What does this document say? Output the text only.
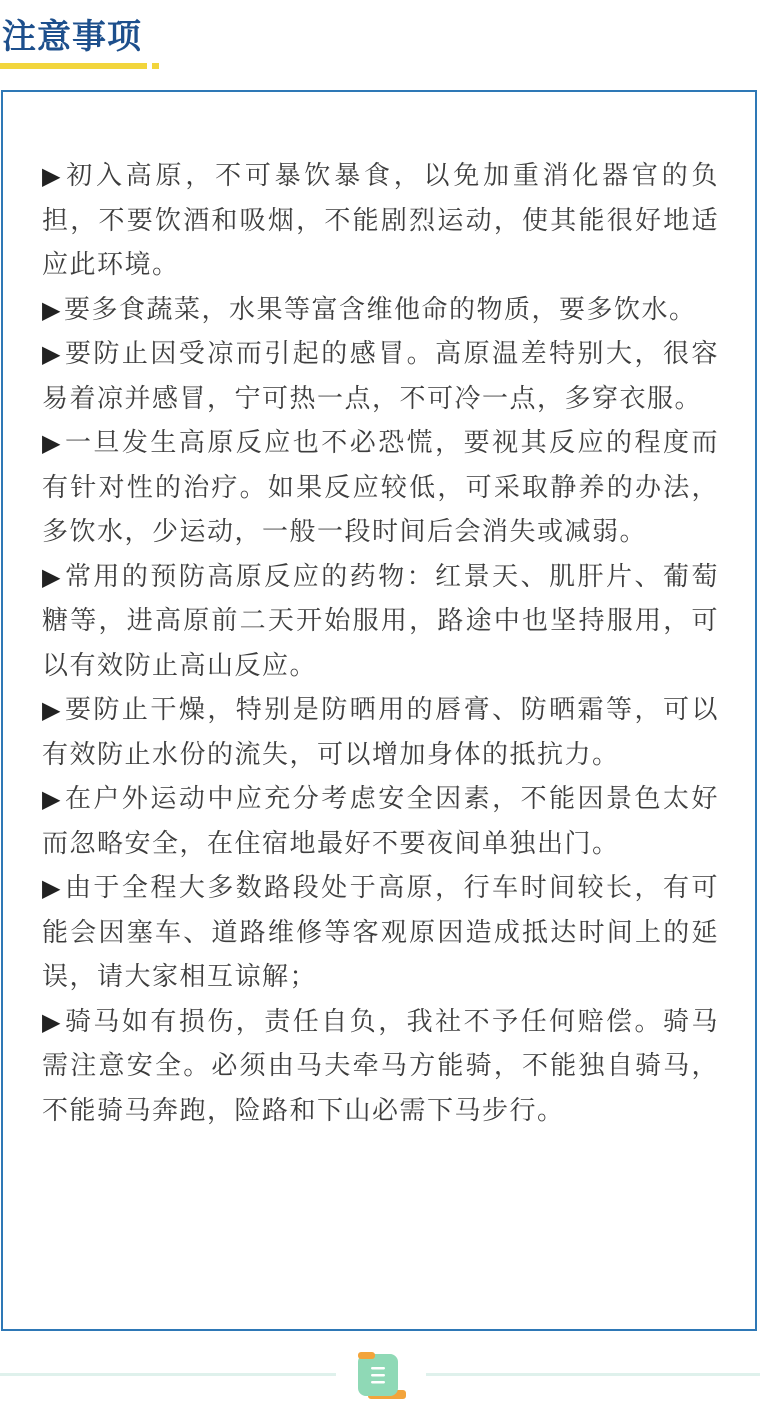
注意事项
▶初入高原，不可暴饮暴食，以免加重消化器官的负担，不要饮酒和吸烟，不能剧烈运动，使其能很好地适应此环境。
▶要多食蔬菜，水果等富含维他命的物质，要多饮水。
▶要防止因受凉而引起的感冒。高原温差特别大，很容易着凉并感冒，宁可热一点，不可冷一点，多穿衣服。
▶一旦发生高原反应也不必恐慌，要视其反应的程度而有针对性的治疗。如果反应较低，可采取静养的办法，多饮水，少运动，一般一段时间后会消失或减弱。
▶常用的预防高原反应的药物：红景天、肌肝片、葡萄糖等，进高原前二天开始服用，路途中也坚持服用，可以有效防止高山反应。
▶要防止干燥，特别是防晒用的唇膏、防晒霜等，可以有效防止水份的流失，可以增加身体的抵抗力。
▶在户外运动中应充分考虑安全因素，不能因景色太好而忽略安全，在住宿地最好不要夜间单独出门。
▶由于全程大多数路段处于高原，行车时间较长，有可能会因塞车、道路维修等客观原因造成抵达时间上的延误，请大家相互谅解；
▶骑马如有损伤，责任自负，我社不予任何赔偿。骑马需注意安全。必须由马夫牵马方能骑，不能独自骑马，不能骑马奔跑，险路和下山必需下马步行。
